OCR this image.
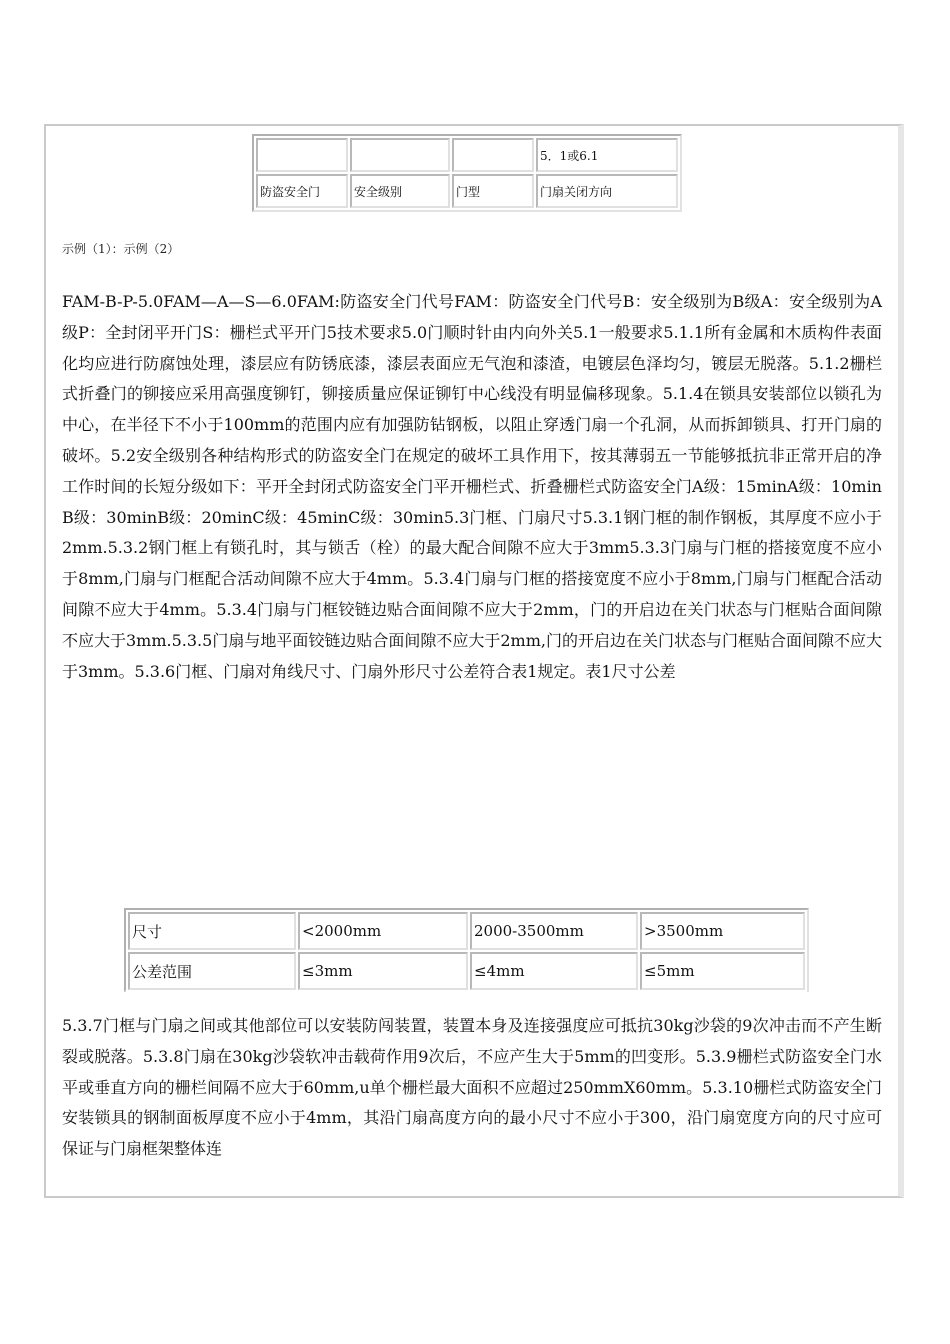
			5．1或6.1
防盗安全门	安全级别	门型	门扇关闭方向
示例（1）：示例（2）

FAM-B-P-5.0FAM—A—S—6.0FAM:防盗安全门代号FAM：防盗安全门代号B：安全级别为B级A：安全级别为A级P：全封闭平开门S：栅栏式平开门5技术要求5.0门顺时针由内向外关5.1一般要求5.1.1所有金属和木质构件表面化均应进行防腐蚀处理，漆层应有防锈底漆，漆层表面应无气泡和漆渣，电镀层色泽均匀，镀层无脱落。5.1.2栅栏式折叠门的铆接应采用高强度铆钉，铆接质量应保证铆钉中心线没有明显偏移现象。5.1.4在锁具安装部位以锁孔为中心，在半径下不小于100mm的范围内应有加强防钻钢板，以阻止穿透门扇一个孔洞，从而拆卸锁具、打开门扇的破坏。5.2安全级别各种结构形式的防盗安全门在规定的破坏工具作用下，按其薄弱五一节能够抵抗非正常开启的净工作时间的长短分级如下：平开全封闭式防盗安全门平开栅栏式、折叠栅栏式防盗安全门A级：15minA级：10minB级：30minB级：20minC级：45minC级：30min5.3门框、门扇尺寸5.3.1钢门框的制作钢板，其厚度不应小于2mm.5.3.2钢门框上有锁孔时，其与锁舌（栓）的最大配合间隙不应大于3mm5.3.3门扇与门框的搭接宽度不应小于8mm,门扇与门框配合活动间隙不应大于4mm。5.3.4门扇与门框的搭接宽度不应小于8mm,门扇与门框配合活动间隙不应大于4mm。5.3.4门扇与门框铰链边贴合面间隙不应大于2mm，门的开启边在关门状态与门框贴合面间隙不应大于3mm.5.3.5门扇与地平面铰链边贴合面间隙不应大于2mm,门的开启边在关门状态与门框贴合面间隙不应大于3mm。5.3.6门框、门扇对角线尺寸、门扇外形尺寸公差符合表1规定。表1尺寸公差

尺寸	<2000mm	2000-3500mm	>3500mm
公差范围	≤3mm	≤4mm	≤5mm

5.3.7门框与门扇之间或其他部位可以安装防闯装置，装置本身及连接强度应可抵抗30kg沙袋的9次冲击而不产生断裂或脱落。5.3.8门扇在30kg沙袋软冲击载荷作用9次后，不应产生大于5mm的凹变形。5.3.9栅栏式防盗安全门水平或垂直方向的栅栏间隔不应大于60mm,u单个栅栏最大面积不应超过250mmX60mm。5.3.10栅栏式防盗安全门安装锁具的钢制面板厚度不应小于4mm，其沿门扇高度方向的最小尺寸不应小于300，沿门扇宽度方向的尺寸应可保证与门扇框架整体连
